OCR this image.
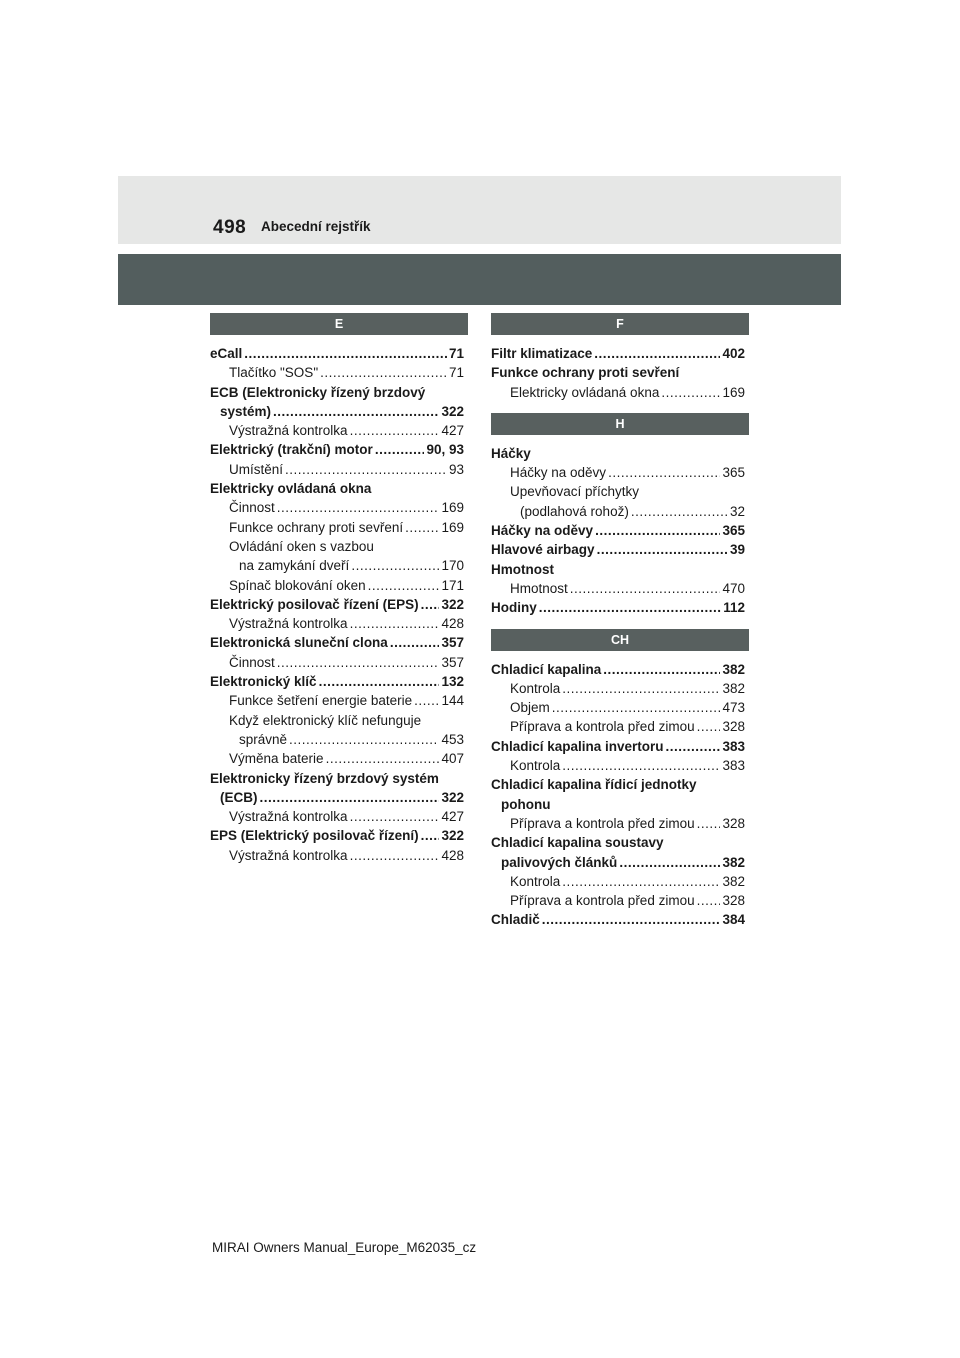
498 Abecední rejstřík
E
eCall .....	71
Tlačítko "SOS" .....	71
ECB (Elektronicky řízený brzdový
systém) .....	322
Výstražná kontrolka .....	427
Elektrický (trakční) motor .....	90, 93
Umístění .....	93
Elektricky ovládaná okna
Činnost .....	169
Funkce ochrany proti sevření .....	169
Ovládání oken s vazbou
na zamykání dveří .....	170
Spínač blokování oken .....	171
Elektrický posilovač řízení (EPS) ..... 322
Výstražná kontrolka .....	428
Elektronická sluneční clona .....	357
Činnost .....	357
Elektronický klíč .....	132
Funkce šetření energie baterie ..... 144
Když elektronický klíč nefunguje
správně .....	453
Výměna baterie .....	407
Elektronicky řízený brzdový systém
(ECB) .....	322
Výstražná kontrolka .....	427
EPS (Elektrický posilovač řízení) ..... 322
Výstražná kontrolka .....	428
F
Filtr klimatizace .....	402
Funkce ochrany proti sevření
Elektricky ovládaná okna .....	169
H
Háčky
Háčky na oděvy .....	365
Upevňovací příchytky
(podlahová rohož) .....	32
Háčky na oděvy .....	365
Hlavové airbagy .....	39
Hmotnost
Hmotnost .....	470
Hodiny .....	112
CH
Chladicí kapalina .....	382
Kontrola .....	382
Objem .....	473
Příprava a kontrola před zimou ..... 328
Chladicí kapalina invertoru .....	383
Kontrola .....	383
Chladicí kapalina řídicí jednotky
pohonu
Příprava a kontrola před zimou ..... 328
Chladicí kapalina soustavy
palivových článků .....	382
Kontrola .....	382
Příprava a kontrola před zimou ..... 328
Chladič .....	384
MIRAI Owners Manual_Europe_M62035_cz
